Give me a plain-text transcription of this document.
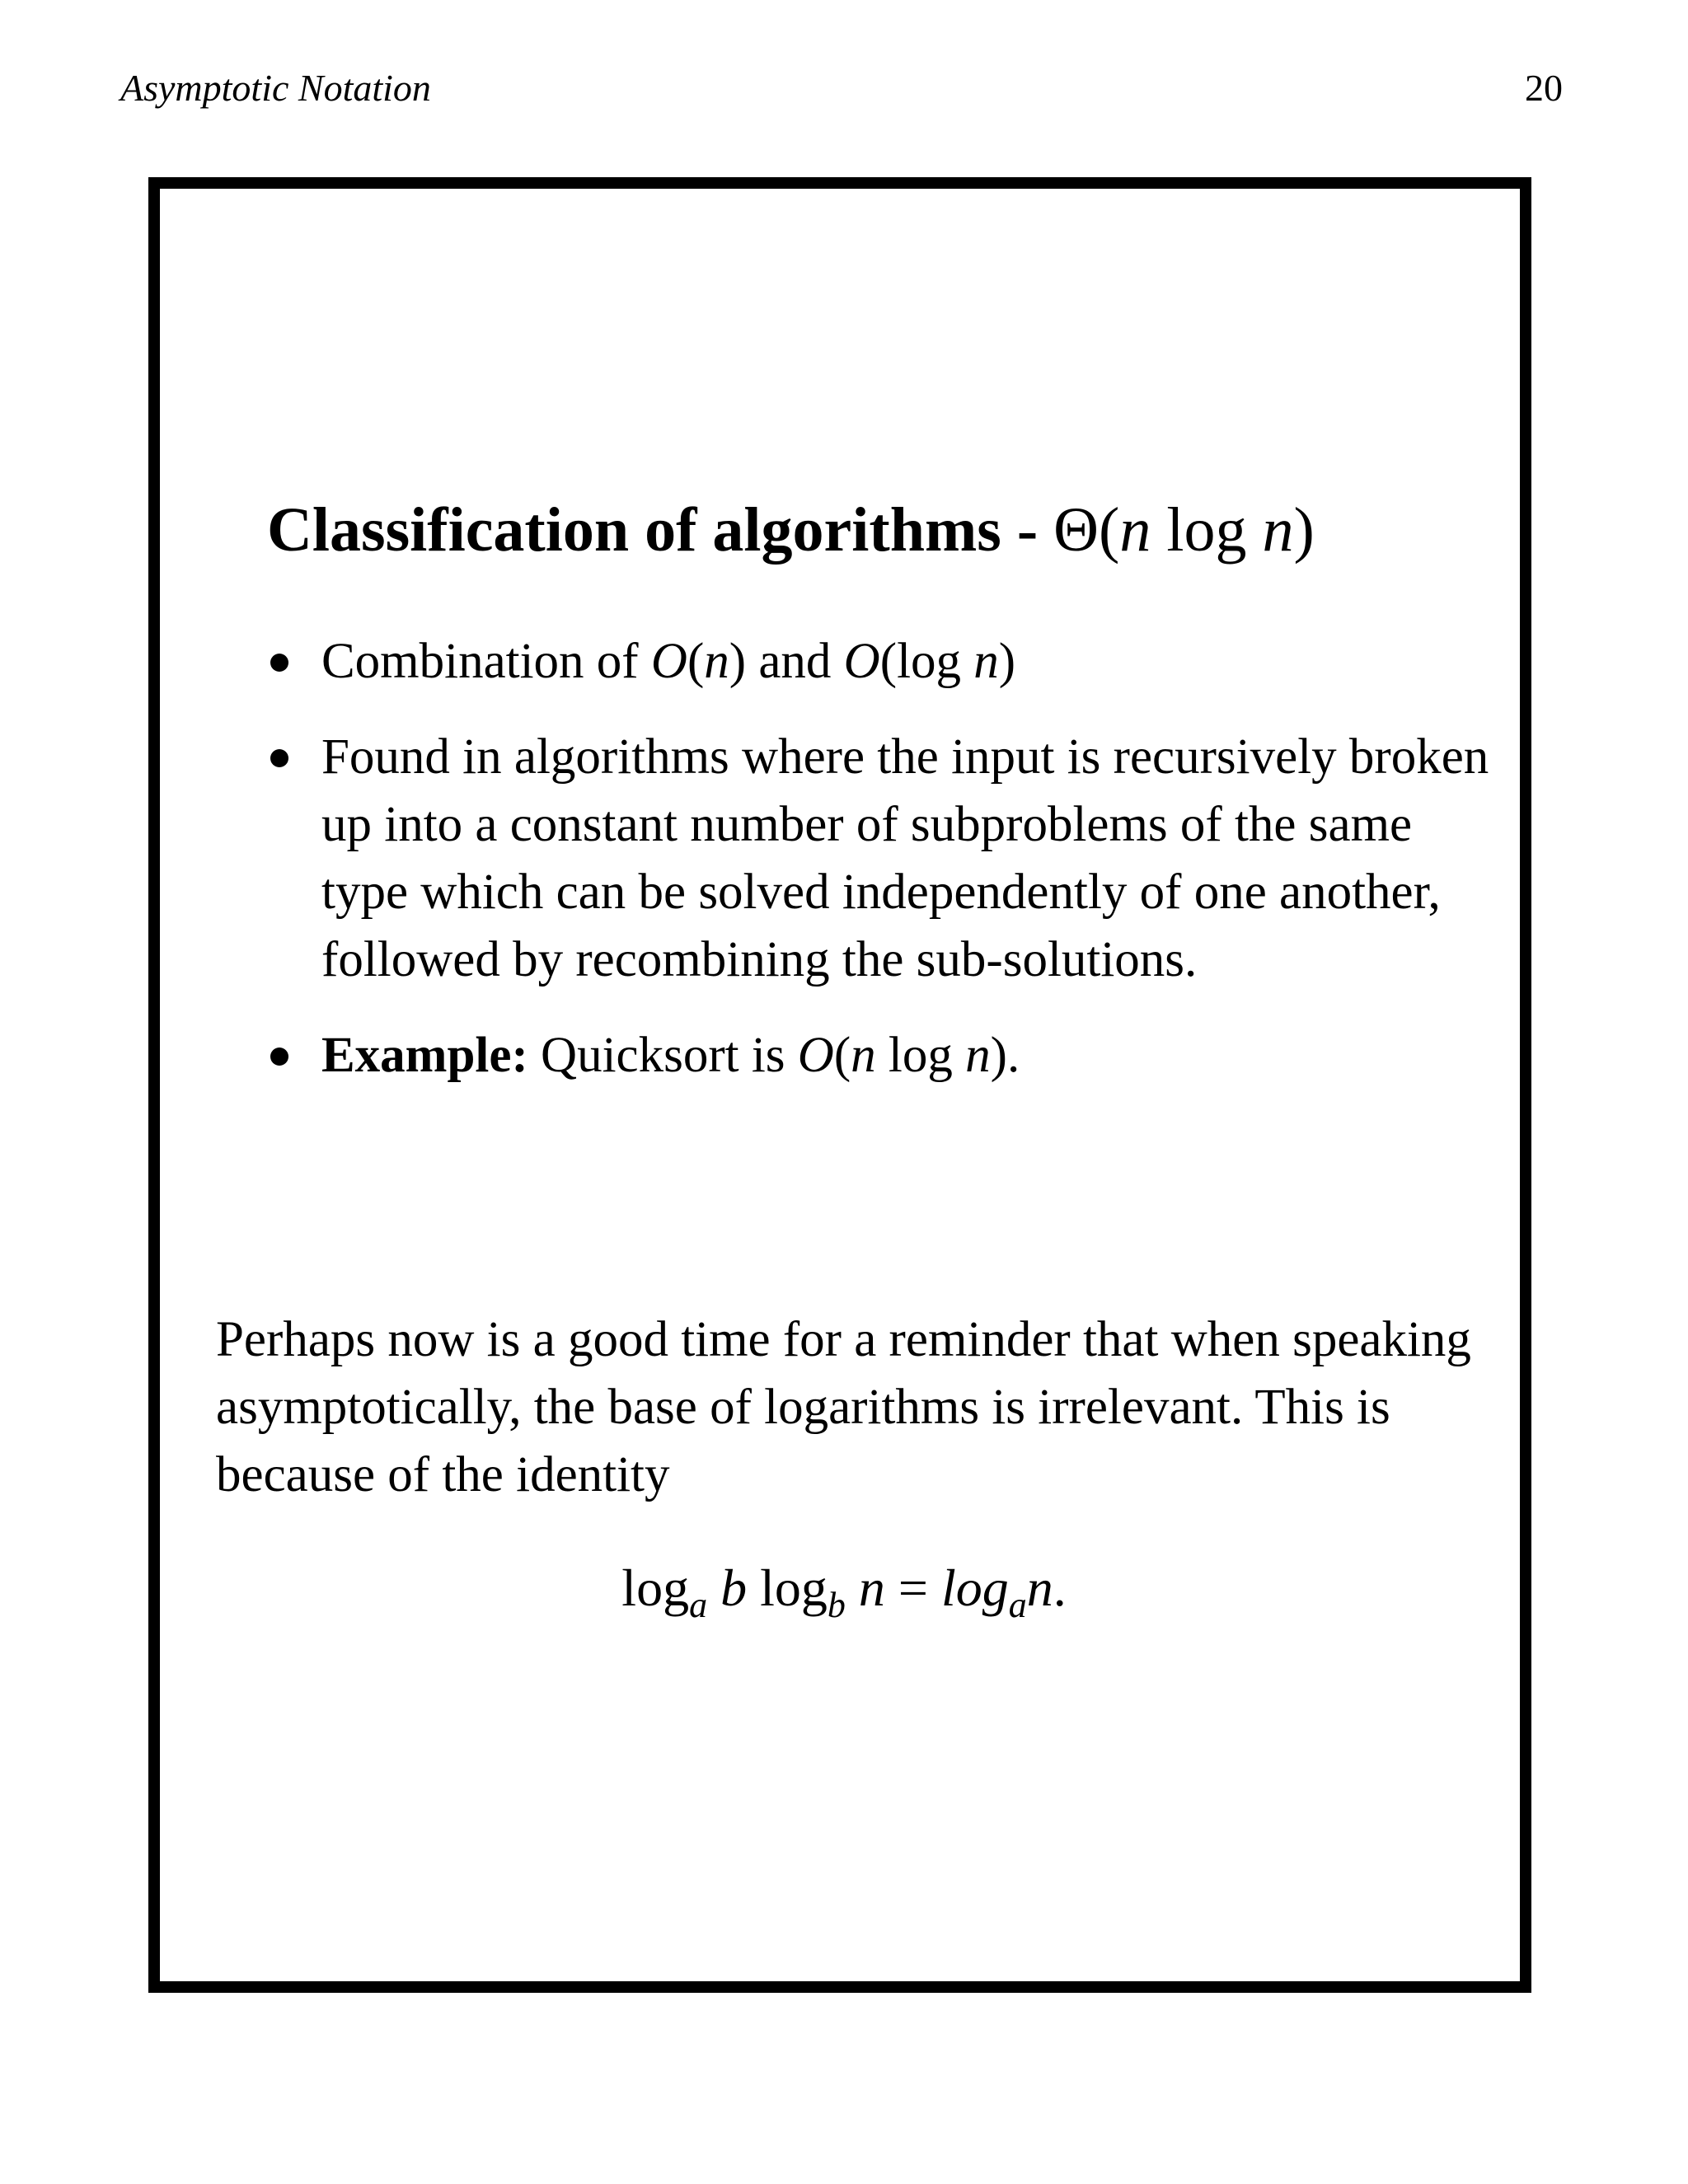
Asymptotic Notation	20
Classification of algorithms - Θ(n log n)
Combination of O(n) and O(log n)
Found in algorithms where the input is recursively broken up into a constant number of subproblems of the same type which can be solved independently of one another, followed by recombining the sub-solutions.
Example: Quicksort is O(n log n).

Perhaps now is a good time for a reminder that when speaking asymptotically, the base of logarithms is irrelevant. This is because of the identity

$\log_a b$ $\log_b n = \log_an$.
